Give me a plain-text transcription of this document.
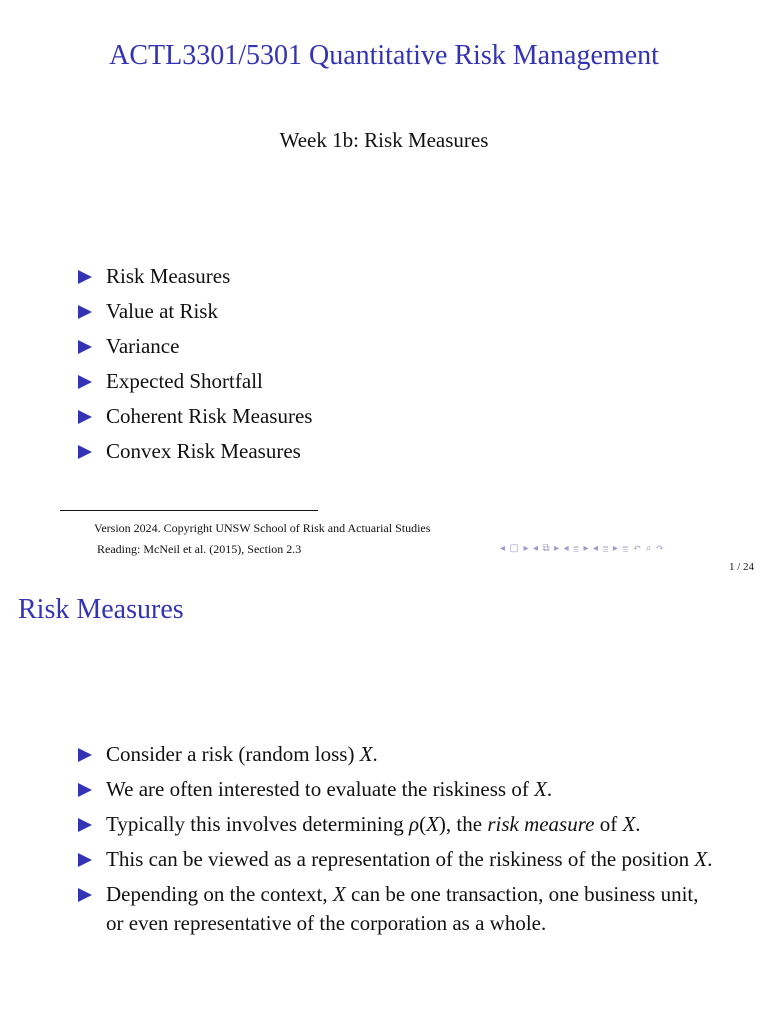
ACTL3301/5301 Quantitative Risk Management
Week 1b: Risk Measures
Risk Measures
Value at Risk
Variance
Expected Shortfall
Coherent Risk Measures
Convex Risk Measures
Version 2024. Copyright UNSW School of Risk and Actuarial Studies
Reading: McNeil et al. (2015), Section 2.3	◂ ▢ ▸ ◂ ⧉ ▸ ◂ ≣ ▸ ◂ ≣ ▸ ≣ ↶ ⌕ ↷
1 / 24
Risk Measures
Consider a risk (random loss) X.
We are often interested to evaluate the riskiness of X.
Typically this involves determining ρ(X), the risk measure of X.
This can be viewed as a representation of the riskiness of the position X.
Depending on the context, X can be one transaction, one business unit, or even representative of the corporation as a whole.
